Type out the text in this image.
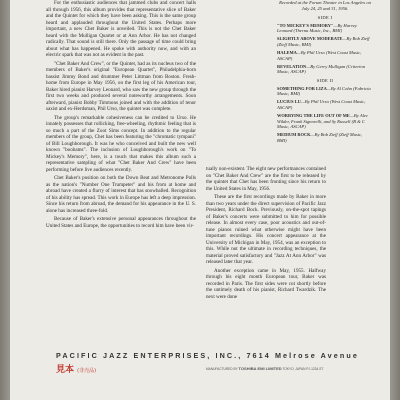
For the enthusiastic audiences that jammed clubs and concert halls all through 1956, this album provides that representative slice of Baker and the Quintet for which they have been asking. This is the same group heard and applauded throughout the United States. Perhaps more important, a new Chet Baker is unveiled. This is not the Chet Baker heard with the Mulligan Quartet or at Ann Arbor. He has not changed radically. That sound is still there. Only the passage of time could bring about what has happened. He spoke with authority now, and with an electric spark that was not as evident in the past.

"Chet Baker And Crew", or the Quintet, had as its nucleus two of the members of Baker's original "European Quartet", Philadelphia-born bassist Jimmy Bond and drummer Peter Littman from Boston. Fresh-home from Europe in May 1956, on the first leg of his American tour, Baker hired pianist Harvey Leonard, who saw the new group through the first two weeks and produced several noteworthy arrangements. Soon afterward, pianist Bobby Timmons joined and with the addition of tenor saxist and ex-Herdsman, Phil Urso, the quintet was complete.

The group's remarkable cohesiveness can be credited to Urso. He innately possesses that rollicking, free-wheeling, rhythmic feeling that is so much a part of the Zoot Sims concept. In addition to the regular members of the group, Chet has been featuring the "chromatic tympani" of Bill Loughborough. It was he who conceived and built the new well known "boobams". The inclusion of Loughborough's work on "To Mickey's Memory", here, is a touch that makes this album such a representative sampling of what "Chet Baker And Crew" have been performing before live audiences recently.

Chet Baker's position on both the Down Beat and Metronome Polls as the nation's "Number One Trumpeter" and his from at home and abroad have created a flurry of interest that has snowballed. Recognition of his ability has spread. This work in Europe has left a deep impression. Since his return from abroad, the demand for his appearance in the U. S. alone has increased three-fold.

Because of Baker's extensive personal appearances throughout the United States and Europe, the opportunities to record him have been vir-

tually non-existent. The eight new performances contained on "Chet Baker And Crew" are the first to be released by the quintet that Chet has been fronting since his return to the United States in May, 1956.

These are the first recordings made by Baker in more than two years under the direct supervision of Pacific Jazz President, Richard Bock. Previously, on-the-spot tapings of Baker's concerts were submitted to him for possible release. In almost every case, poor acoustics and out-of-tune pianos ruined what otherwise might have been important recordings. His concert appearance at the University of Michigan in May, 1954, was an exception to this. While not the ultimate in recording techniques, the material proved satisfactory and "Jazz At Ann Arbor" was released later that year.

Another exception came in May, 1955. Halfway through his eight month European tour, Baker was recorded in Paris. The first sides were cut shortly before the untimely death of his pianist, Richard Twardzik. The next were done

Recorded at the Forum Theater in Los Angeles on July 24, 25 and 31, 1956.
SIDE I
"TO MICKEY'S MEMORY"—By Harvey Leonard (Therna Music, Inc., BMI)
SLIGHTLY ABOVE MODERATE—By Bob Zieff (Zieff Music, BMI)
HALEMA—By Phil Urso (West Coast Music, ASCAP)
REVELATION—By Gerry Mulligan (Criterion Music, ASCAP)
SIDE II
SOMETHING FOR LIZA—By Al Cohn (Fabricia Music, BMI)
LUCIUS LU—By Phil Urso (West Coast Music, ASCAP)
WORRYING THE LIFE OUT OF ME—By Alec Wilder, Frank Signorelli, and Sy Russell (B & C Music, ASCAP)
MEDIUM ROCK—By Bob Zieff (Zieff Music, BMI)
PACIFIC JAZZ ENTERPRISES, INC., 7614 Melrose Avenue
見本 (非売品)	MANUFACTURED BY TOSHIBA EMI LIMITED TOKYO, JAPAN PJ-1234-ST
